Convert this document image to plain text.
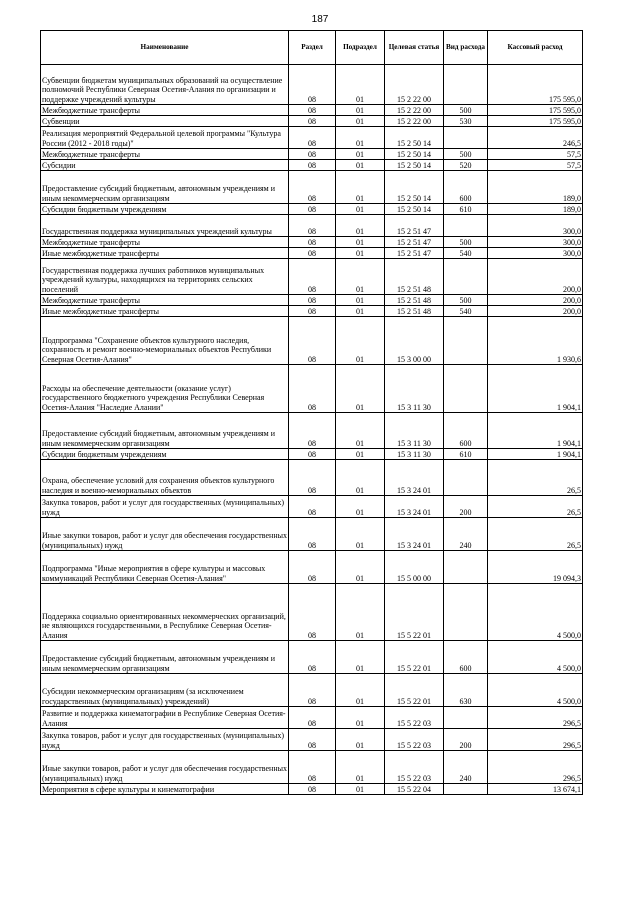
187
Наименование	Раздел	Подраздел	Целевая статья	Вид расхода	Кассовый расход
Субвенции бюджетам муниципальных образований на осуществление полномочий Республики Северная Осетия-Алания по организации и поддержке учреждений культуры	08	01	15 2 22 00		175 595,0
Межбюджетные трансферты	08	01	15 2 22 00	500	175 595,0
Субвенции	08	01	15 2 22 00	530	175 595,0
Реализация мероприятий Федеральной целевой программы "Культура России (2012 - 2018 годы)"	08	01	15 2 50 14		246,5
Межбюджетные трансферты	08	01	15 2 50 14	500	57,5
Субсидии	08	01	15 2 50 14	520	57,5
Предоставление субсидий бюджетным, автономным учреждениям и иным некоммерческим организациям	08	01	15 2 50 14	600	189,0
Субсидии бюджетным учреждениям	08	01	15 2 50 14	610	189,0
Государственная поддержка муниципальных учреждений культуры	08	01	15 2 51 47		300,0
Межбюджетные трансферты	08	01	15 2 51 47	500	300,0
Иные межбюджетные трансферты	08	01	15 2 51 47	540	300,0
Государственная поддержка лучших работников муниципальных учреждений культуры, находящихся на территориях сельских поселений	08	01	15 2 51 48		200,0
Межбюджетные трансферты	08	01	15 2 51 48	500	200,0
Иные межбюджетные трансферты	08	01	15 2 51 48	540	200,0
Подпрограмма "Сохранение объектов культурного наследия, сохранность и ремонт военно-мемориальных объектов Республики Северная Осетия-Алания"	08	01	15 3 00 00		1 930,6
Расходы на обеспечение деятельности (оказание услуг) государственного бюджетного учреждения Республики Северная Осетия-Алания "Наследие Алании"	08	01	15 3 11 30		1 904,1
Предоставление субсидий бюджетным, автономным учреждениям и иным некоммерческим организациям	08	01	15 3 11 30	600	1 904,1
Субсидии бюджетным учреждениям	08	01	15 3 11 30	610	1 904,1
Охрана, обеспечение условий для сохранения объектов культурного наследия и военно-мемориальных объектов	08	01	15 3 24 01		26,5
Закупка товаров, работ и услуг для государственных (муниципальных) нужд	08	01	15 3 24 01	200	26,5
Иные закупки товаров, работ и услуг для обеспечения государственных (муниципальных) нужд	08	01	15 3 24 01	240	26,5
Подпрограмма "Иные мероприятия в сфере культуры и массовых коммуникаций Республики Северная Осетия-Алания"	08	01	15 5 00 00		19 094,3
Поддержка социально ориентированных некоммерческих организаций, не являющихся государственными, в Республике Северная Осетия-Алания	08	01	15 5 22 01		4 500,0
Предоставление субсидий бюджетным, автономным учреждениям и иным некоммерческим организациям	08	01	15 5 22 01	600	4 500,0
Субсидии некоммерческим организациям (за исключением государственных (муниципальных) учреждений)	08	01	15 5 22 01	630	4 500,0
Развитие и поддержка кинематографии в Республике Северная Осетия-Алания	08	01	15 5 22 03		296,5
Закупка товаров, работ и услуг для государственных (муниципальных) нужд	08	01	15 5 22 03	200	296,5
Иные закупки товаров, работ и услуг для обеспечения государственных (муниципальных) нужд	08	01	15 5 22 03	240	296,5
Мероприятия в сфере культуры и кинематографии	08	01	15 5 22 04		13 674,1
